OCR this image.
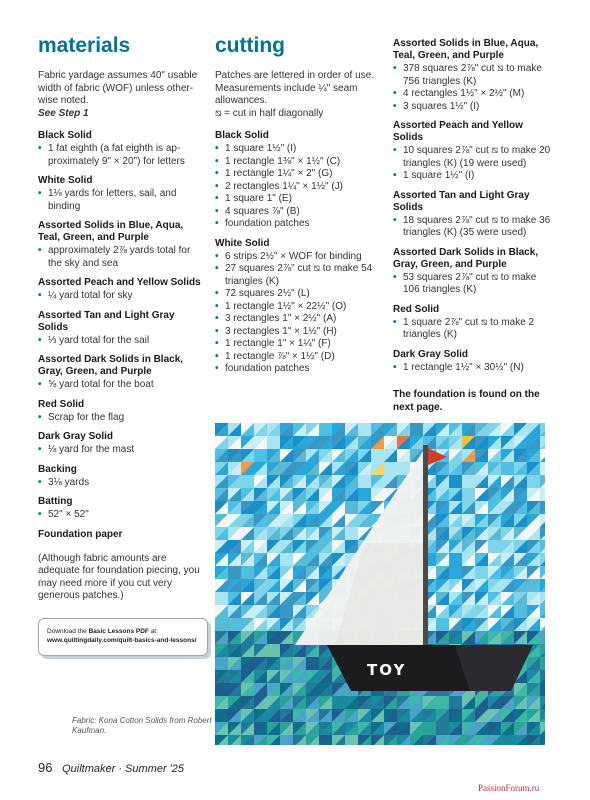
materials
Fabric yardage assumes 40" usable
width of fabric (WOF) unless other-
wise noted.
See Step 1
Black Solid
• 1 fat eighth (a fat eighth is ap-proximately 9" × 20") for letters
White Solid
• 1⅛ yards for letters, sail, and binding
Assorted Solids in Blue, Aqua, Teal, Green, and Purple
• approximately 2⅞ yards total for the sky and sea
Assorted Peach and Yellow Solids
• ¼ yard total for sky
Assorted Tan and Light Gray Solids
• ⅓ yard total for the sail
Assorted Dark Solids in Black, Gray, Green, and Purple
• ⅝ yard total for the boat
Red Solid
• Scrap for the flag
Dark Gray Solid
• ⅛ yard for the mast
Backing
• 3⅛ yards
Batting
• 52" × 52"
Foundation paper
(Although fabric amounts are adequate for foundation piecing, you may need more if you cut very generous patches.)
cutting
Patches are lettered in order of use.
Measurements include ¼" seam
allowances.
⧅ = cut in half diagonally
Black Solid
• 1 square 1½" (I)
• 1 rectangle 1⅜" × 1½" (C)
• 1 rectangle 1¼" × 2" (G)
• 2 rectangles 1¼" × 1½" (J)
• 1 square 1" (E)
• 4 squares ⅞" (B)
• foundation patches
White Solid
• 6 strips 2½" × WOF for binding
• 27 squares 2⅞" cut ⧅ to make 54 triangles (K)
• 72 squares 2½" (L)
• 1 rectangle 1½" × 22½" (O)
• 3 rectangles 1" × 2½" (A)
• 3 rectangles 1" × 1½" (H)
• 1 rectangle 1" × 1¼" (F)
• 1 rectangle ⅞" × 1½" (D)
• foundation patches
Assorted Solids in Blue, Aqua, Teal, Green, and Purple
• 378 squares 2⅞" cut ⧅ to make 756 triangles (K)
• 4 rectangles 1½" × 2½" (M)
• 3 squares 1½" (I)
Assorted Peach and Yellow Solids
• 10 squares 2⅞" cut ⧅ to make 20 triangles (K) (19 were used)
• 1 square 1½" (I)
Assorted Tan and Light Gray Solids
• 18 squares 2⅞" cut ⧅ to make 36 triangles (K) (35 were used)
Assorted Dark Solids in Black, Gray, Green, and Purple
• 53 squares 2⅞" cut ⧅ to make 106 triangles (K)
Red Solid
• 1 square 2⅞" cut ⧅ to make 2 triangles (K)
Dark Gray Solid
• 1 rectangle 1½" × 30½" (N)
The foundation is found on the next page.
Download the Basic Lessons PDF at:
www.quiltingdaily.com/quilt-basics-and-lessons/
TOY
Fabric: Kona Cotton Solids from Robert Kaufman.
96 Quiltmaker · Summer '25
PassionForum.ru
